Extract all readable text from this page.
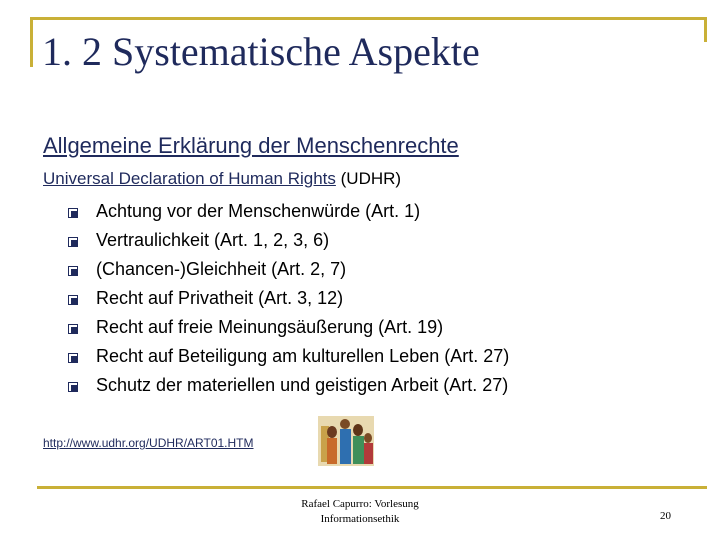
1. 2 Systematische Aspekte
Allgemeine Erklärung der Menschenrechte
Universal Declaration of Human Rights (UDHR)
Achtung vor der Menschenwürde (Art. 1)
Vertraulichkeit (Art. 1, 2, 3, 6)
(Chancen-)Gleichheit (Art. 2, 7)
Recht auf Privatheit (Art. 3, 12)
Recht auf freie Meinungsäußerung (Art. 19)
Recht auf Beteiligung am kulturellen Leben (Art. 27)
Schutz der materiellen und geistigen Arbeit (Art. 27)
http://www.udhr.org/UDHR/ART01.HTM
Rafael Capurro: Vorlesung
Informationsethik	20
